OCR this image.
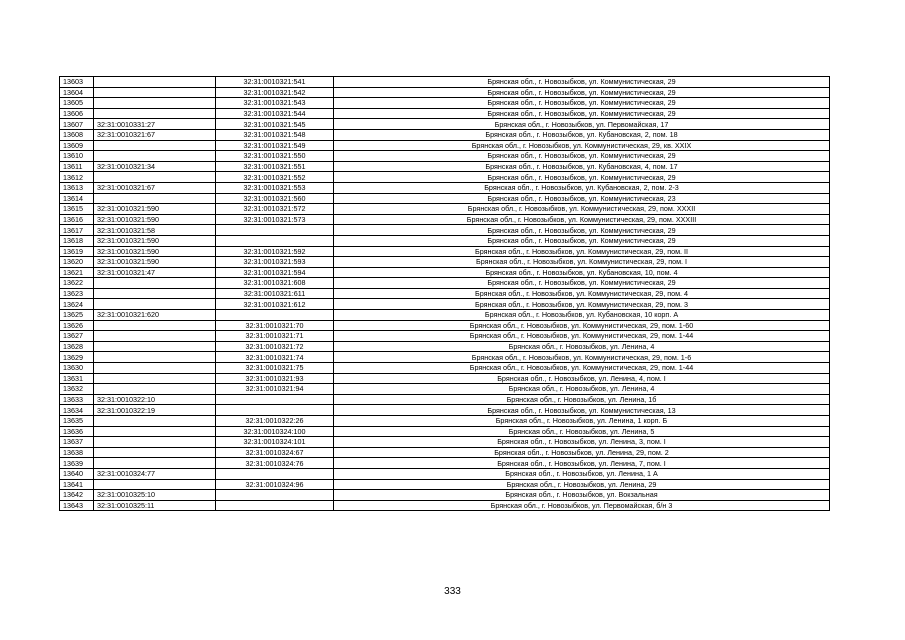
13603		32:31:0010321:541	Брянская обл., г. Новозыбков, ул. Коммунистическая, 29
13604		32:31:0010321:542	Брянская обл., г. Новозыбков, ул. Коммунистическая, 29
13605		32:31:0010321:543	Брянская обл., г. Новозыбков, ул. Коммунистическая, 29
13606		32:31:0010321:544	Брянская обл., г. Новозыбков, ул. Коммунистическая, 29
13607	32:31:0010331:27	32:31:0010321:545	Брянская обл., г. Новозыбков, ул. Первомайская, 17
13608	32:31:0010321:67	32:31:0010321:548	Брянская обл., г. Новозыбков, ул. Кубановская, 2, пом. 18
13609		32:31:0010321:549	Брянская обл., г. Новозыбков, ул. Коммунистическая, 29, кв. XXIX
13610		32:31:0010321:550	Брянская обл., г. Новозыбков, ул. Коммунистическая, 29
13611	32:31:0010321:34	32:31:0010321:551	Брянская обл., г. Новозыбков, ул. Кубановская, 4, пом. 17
13612		32:31:0010321:552	Брянская обл., г. Новозыбков, ул. Коммунистическая, 29
13613	32:31:0010321:67	32:31:0010321:553	Брянская обл., г. Новозыбков, ул. Кубановская, 2, пом. 2-3
13614		32:31:0010321:560	Брянская обл., г. Новозыбков, ул. Коммунистическая, 23
13615	32:31:0010321:590	32:31:0010321:572	Брянская обл., г. Новозыбков, ул. Коммунистическая, 29, пом. XXXII
13616	32:31:0010321:590	32:31:0010321:573	Брянская обл., г. Новозыбков, ул. Коммунистическая, 29, пом. XXXIII
13617	32:31:0010321:58		Брянская обл., г. Новозыбков, ул. Коммунистическая, 29
13618	32:31:0010321:590		Брянская обл., г. Новозыбков, ул. Коммунистическая, 29
13619	32:31:0010321:590	32:31:0010321:592	Брянская обл., г. Новозыбков, ул. Коммунистическая, 29, пом. II
13620	32:31:0010321:590	32:31:0010321:593	Брянская обл., г. Новозыбков, ул. Коммунистическая, 29, пом. I
13621	32:31:0010321:47	32:31:0010321:594	Брянская обл., г. Новозыбков, ул. Кубановская, 10, пом. 4
13622		32:31:0010321:608	Брянская обл., г. Новозыбков, ул. Коммунистическая, 29
13623		32:31:0010321:611	Брянская обл., г. Новозыбков, ул. Коммунистическая, 29, пом. 4
13624		32:31:0010321:612	Брянская обл., г. Новозыбков, ул. Коммунистическая, 29, пом. 3
13625	32:31:0010321:620		Брянская обл., г. Новозыбков, ул. Кубановская, 10 корп. А
13626		32:31:0010321:70	Брянская обл., г. Новозыбков, ул. Коммунистическая, 29, пом. 1-60
13627		32:31:0010321:71	Брянская обл., г. Новозыбков, ул. Коммунистическая, 29, пом. 1-44
13628		32:31:0010321:72	Брянская обл., г. Новозыбков, ул. Ленина, 4
13629		32:31:0010321:74	Брянская обл., г. Новозыбков, ул. Коммунистическая, 29, пом. 1-6
13630		32:31:0010321:75	Брянская обл., г. Новозыбков, ул. Коммунистическая, 29, пом. 1-44
13631		32:31:0010321:93	Брянская обл., г. Новозыбков, ул. Ленина, 4, пом. I
13632		32:31:0010321:94	Брянская обл., г. Новозыбков, ул. Ленина, 4
13633	32:31:0010322:10		Брянская обл., г. Новозыбков, ул. Ленина, 1б
13634	32:31:0010322:19		Брянская обл., г. Новозыбков, ул. Коммунистическая, 13
13635		32:31:0010322:26	Брянская обл., г. Новозыбков, ул. Ленина, 1 корп. Б
13636		32:31:0010324:100	Брянская обл., г. Новозыбков, ул. Ленина, 5
13637		32:31:0010324:101	Брянская обл., г. Новозыбков, ул. Ленина, 3, пом. I
13638		32:31:0010324:67	Брянская обл., г. Новозыбков, ул. Ленина, 29, пом. 2
13639		32:31:0010324:76	Брянская обл., г. Новозыбков, ул. Ленина, 7, пом. I
13640	32:31:0010324:77		Брянская обл., г. Новозыбков, ул. Ленина, 1 А
13641		32:31:0010324:96	Брянская обл., г. Новозыбков, ул. Ленина, 29
13642	32:31:0010325:10		Брянская обл., г. Новозыбков, ул. Вокзальная
13643	32:31:0010325:11		Брянская обл., г. Новозыбков, ул. Первомайская, б/н 3
333
